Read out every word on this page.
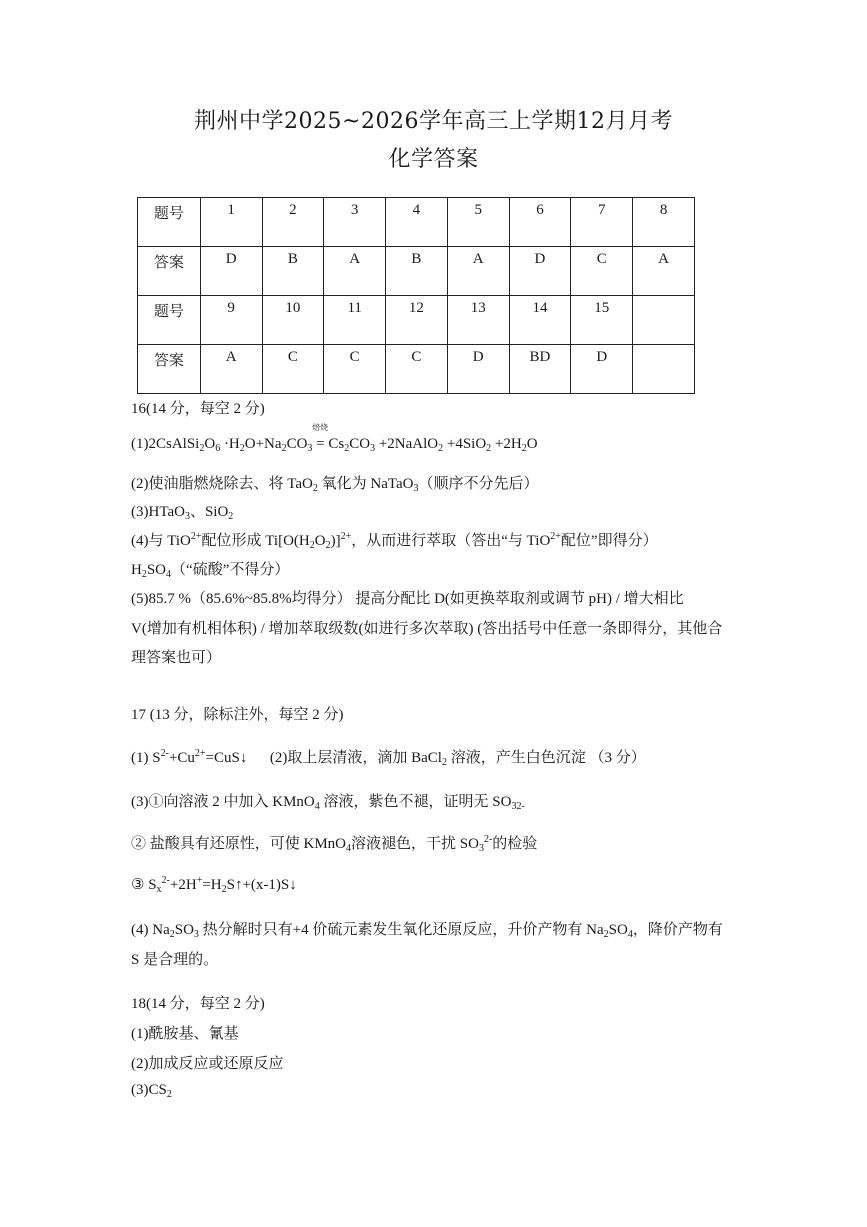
荆州中学2025~2026学年高三上学期12月月考
化学答案
题号	1	2	3	4	5	6	7	8
答案	D	B	A	B	A	D	C	A
题号	9	10	11	12	13	14	15	
答案	A	C	C	C	D	BD	D	
16(14 分，每空 2 分)
$(1)2CsAlSi_2O_6 \cdot H_2O+Na_2CO_3$
焙烧
= $Cs_2CO_3$ +2NaAlO$_2$ $+4SiO_2 +2H_2O$
(2)使油脂燃烧除去、将 TaO$_2$ 氧化为 NaTaO$_3$（顺序不分先后）
(3)HTaO$_3$、SiO$_2$
(4)与 TiO$^{2+}$配位形成 $Ti[O(H_2O_2)]^{2+}$，从而进行萃取（答出“与 TiO$^{2+}$配位”即得分）
$H_2SO_4(“$硫酸”不得分）
(5)85.7 %（85.6%~85.8%均得分） 提高分配比 D(如更换萃取剂或调节 pH) / 增大相比
V(增加有机相体积) / 增加萃取级数(如进行多次萃取) (答出括号中任意一条即得分，其他合
理答案也可）
17 (13 分，除标注外，每空 2 分)
(1) $S^{2-}+Cu^{2+}=CuS↓$      (2)取上层清液，滴加 BaCl$_2$ 溶液，产生白色沉淀 （3 分）
(3)①向溶液 2 中加入 KMnO$_4$ 溶液，紫色不褪，证明无 $SO_{32-}$
② 盐酸具有还原性，可使 KMnO$_4$溶液褪色，干扰 $SO_3^{2-}$的检验
③ $S_x^{2-}+2H^+=H_2S↑+(x-1)S↓$
(4) $Na_2SO_3$ 热分解时只有+4 价硫元素发生氧化还原反应，升价产物有 $Na_2SO_4$，降价产物有
S 是合理的。
18(14 分，每空 2 分)
(1)酰胺基、氰基
(2)加成反应或还原反应
$(3)CS_2$
